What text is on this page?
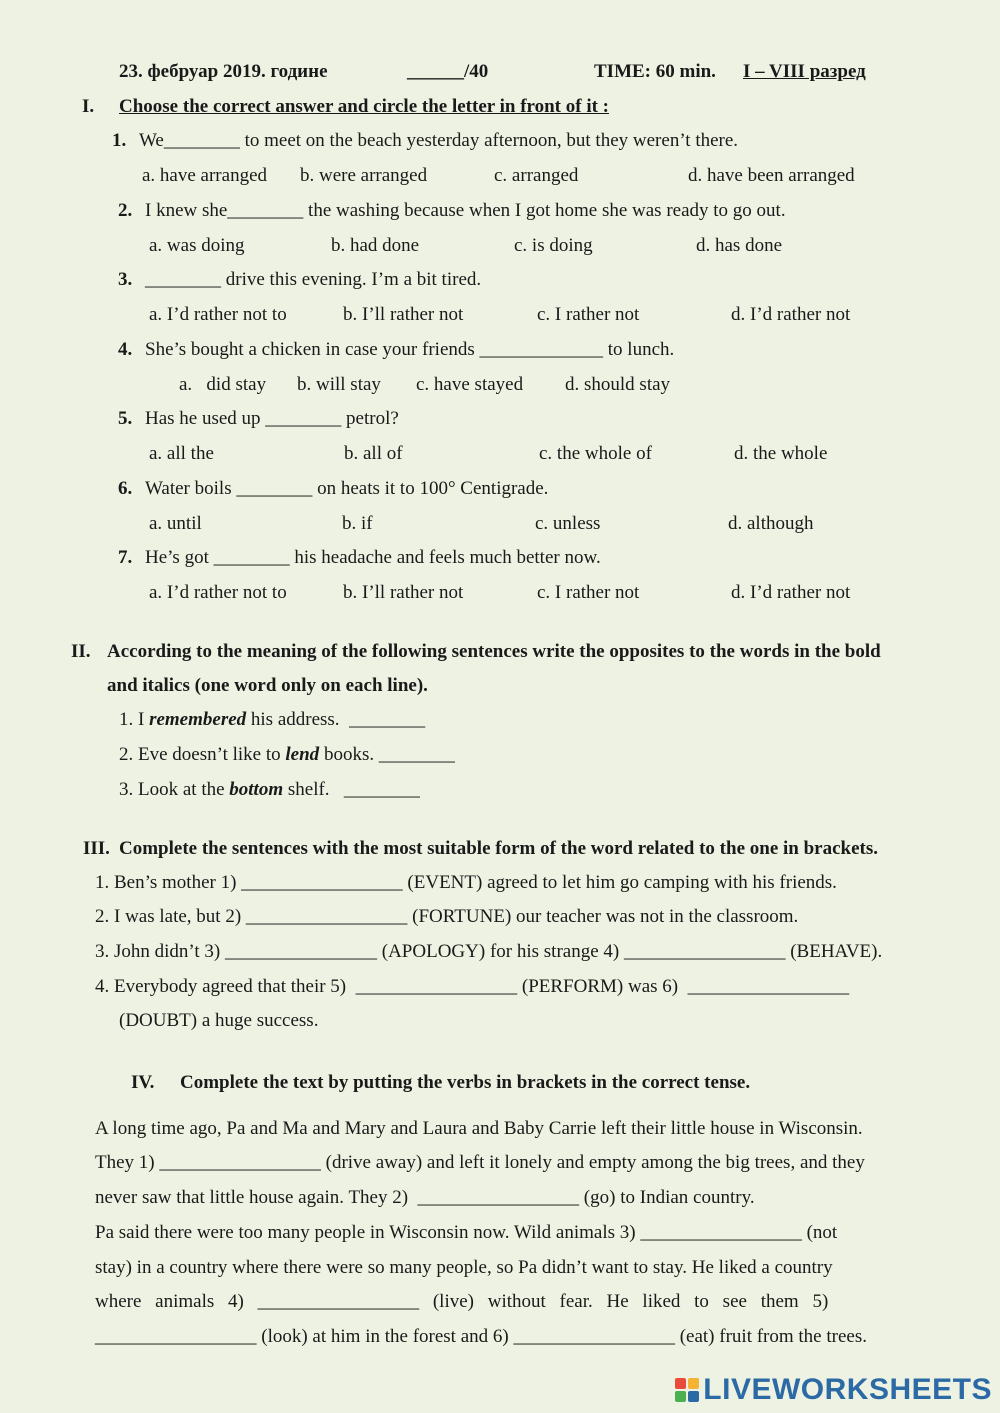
23. фебруар 2019. године	______/40	TIME: 60 min. I – VIII разред
I. Choose the correct answer and circle the letter in front of it :
1. We________ to meet on the beach yesterday afternoon, but they weren’t there.
a. have arranged b. were arranged	c. arranged	d. have been arranged
2. I knew she________ the washing because when I got home she was ready to go out.
a. was doing	b. had done	c. is doing	d. has done
3. ________ drive this evening. I’m a bit tired.
a. I’d rather not to	b. I’ll rather not	c. I rather not	d. I’d rather not
4. She’s bought a chicken in case your friends _____________ to lunch.
a.   did stay b. will stay c. have stayed d. should stay
5. Has he used up ________ petrol?
a. all the	b. all of	c. the whole of	d. the whole
6. Water boils ________ on heats it to 100° Centigrade.
a. until	b. if	c. unless	d. although
7. He’s got ________ his headache and feels much better now.
a. I’d rather not to	b. I’ll rather not	c. I rather not	d. I’d rather not
II. According to the meaning of the following sentences write the opposites to the words in the bold
and italics (one word only on each line).
1. I remembered his address.  ________
2. Eve doesn’t like to lend books. ________
3. Look at the bottom shelf.   ________
III. Complete the sentences with the most suitable form of the word related to the one in brackets.
1. Ben’s mother 1) _________________ (EVENT) agreed to let him go camping with his friends.
2. I was late, but 2) _________________ (FORTUNE) our teacher was not in the classroom.
3. John didn’t 3) ________________ (APOLOGY) for his strange 4) _________________ (BEHAVE).
4. Everybody agreed that their 5)  _________________ (PERFORM) was 6)  _________________
(DOUBT) a huge success.
IV. Complete the text by putting the verbs in brackets in the correct tense.
A long time ago, Pa and Ma and Mary and Laura and Baby Carrie left their little house in Wisconsin.
They 1) _________________ (drive away) and left it lonely and empty among the big trees, and they
never saw that little house again. They 2)  _________________ (go) to Indian country.
Pa said there were too many people in Wisconsin now. Wild animals 3) _________________ (not
stay) in a country where there were so many people, so Pa didn’t want to stay. He liked a country
where animals 4) _________________ (live) without fear. He liked to see them 5)
_________________ (look) at him in the forest and 6) _________________ (eat) fruit from the trees.
LIVEWORKSHEETS
